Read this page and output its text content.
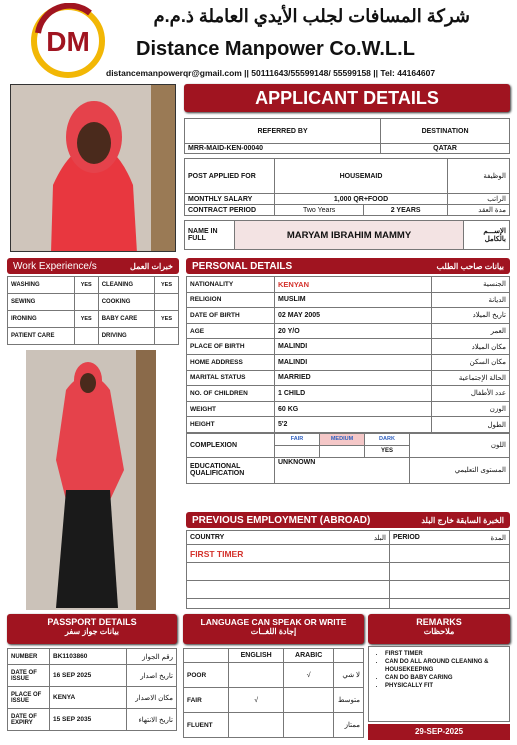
DM
شركة المسافات لجلب الأيدي العاملة ذ.م.م
Distance Manpower Co.W.L.L
distancemanpowerqr@gmail.com || 50111643/55599148/ 55599158 || Tel: 44164607
APPLICANT DETAILS
REFERRED BY	DESTINATION
MRR-MAID-KEN-00040	QATAR
POST APPLIED FOR	HOUSEMAID		الوظيفة
MONTHLY SALARY	1,000 QR+FOOD		الراتب
CONTRACT PERIOD	Two Years	2 YEARS	مدة العقد
NAME IN FULL	MARYAM IBRAHIM MAMMY	الإســـم بالكامل
Work Experience/s	خبرات العمل
WASHING	YES	CLEANING	YES
SEWING		COOKING	
IRONING	YES	BABY CARE	YES
PATIENT CARE		DRIVING	
PERSONAL DETAILS	بيانات صاحب الطلب
NATIONALITY	KENYAN	الجنسية
RELIGION	MUSLIM	الديانة
DATE OF BIRTH	02 MAY 2005	تاريخ الميلاد
AGE	20 Y/O	العمر
PLACE OF BIRTH	MALINDI	مكان الميلاد
HOME ADDRESS	MALINDI	مكان السكن
MARITAL STATUS	MARRIED	الحالة الإجتماعية
NO. OF CHILDREN	1 CHILD	عدد الأطفال
WEIGHT	60 KG	الوزن
HEIGHT	5'2	الطول
COMPLEXION	FAIR	MEDIUM	DARK	اللون
			YES	
EDUCATIONAL QUALIFICATION	UNKNOWN			المستوى التعليمي
PREVIOUS EMPLOYMENT (ABROAD)	الخبرة السابقة خارج البلد
COUNTRY	البلد	PERIOD	المدة
FIRST TIMER			

PASSPORT DETAILS
بيانات جواز سفر
NUMBER	BK1103860	رقم الجواز
DATE OF ISSUE	16 SEP 2025	تاريخ اصدار
PLACE OF ISSUE	KENYA	مكان الاصدار
DATE OF EXPIRY	15 SEP 2035	تاريخ الانتهاء
LANGUAGE CAN SPEAK OR WRITE
إجادة اللغــات
	ENGLISH	ARABIC	
POOR		√	لا شي
FAIR	√		متوسط
FLUENT			ممتاز
REMARKS
ملاحظات
• FIRST TIMER
• CAN DO ALL AROUND CLEANING & HOUSEKEEPING
• CAN DO BABY CARING
• PHYSICALLY FIT
29-SEP-2025
